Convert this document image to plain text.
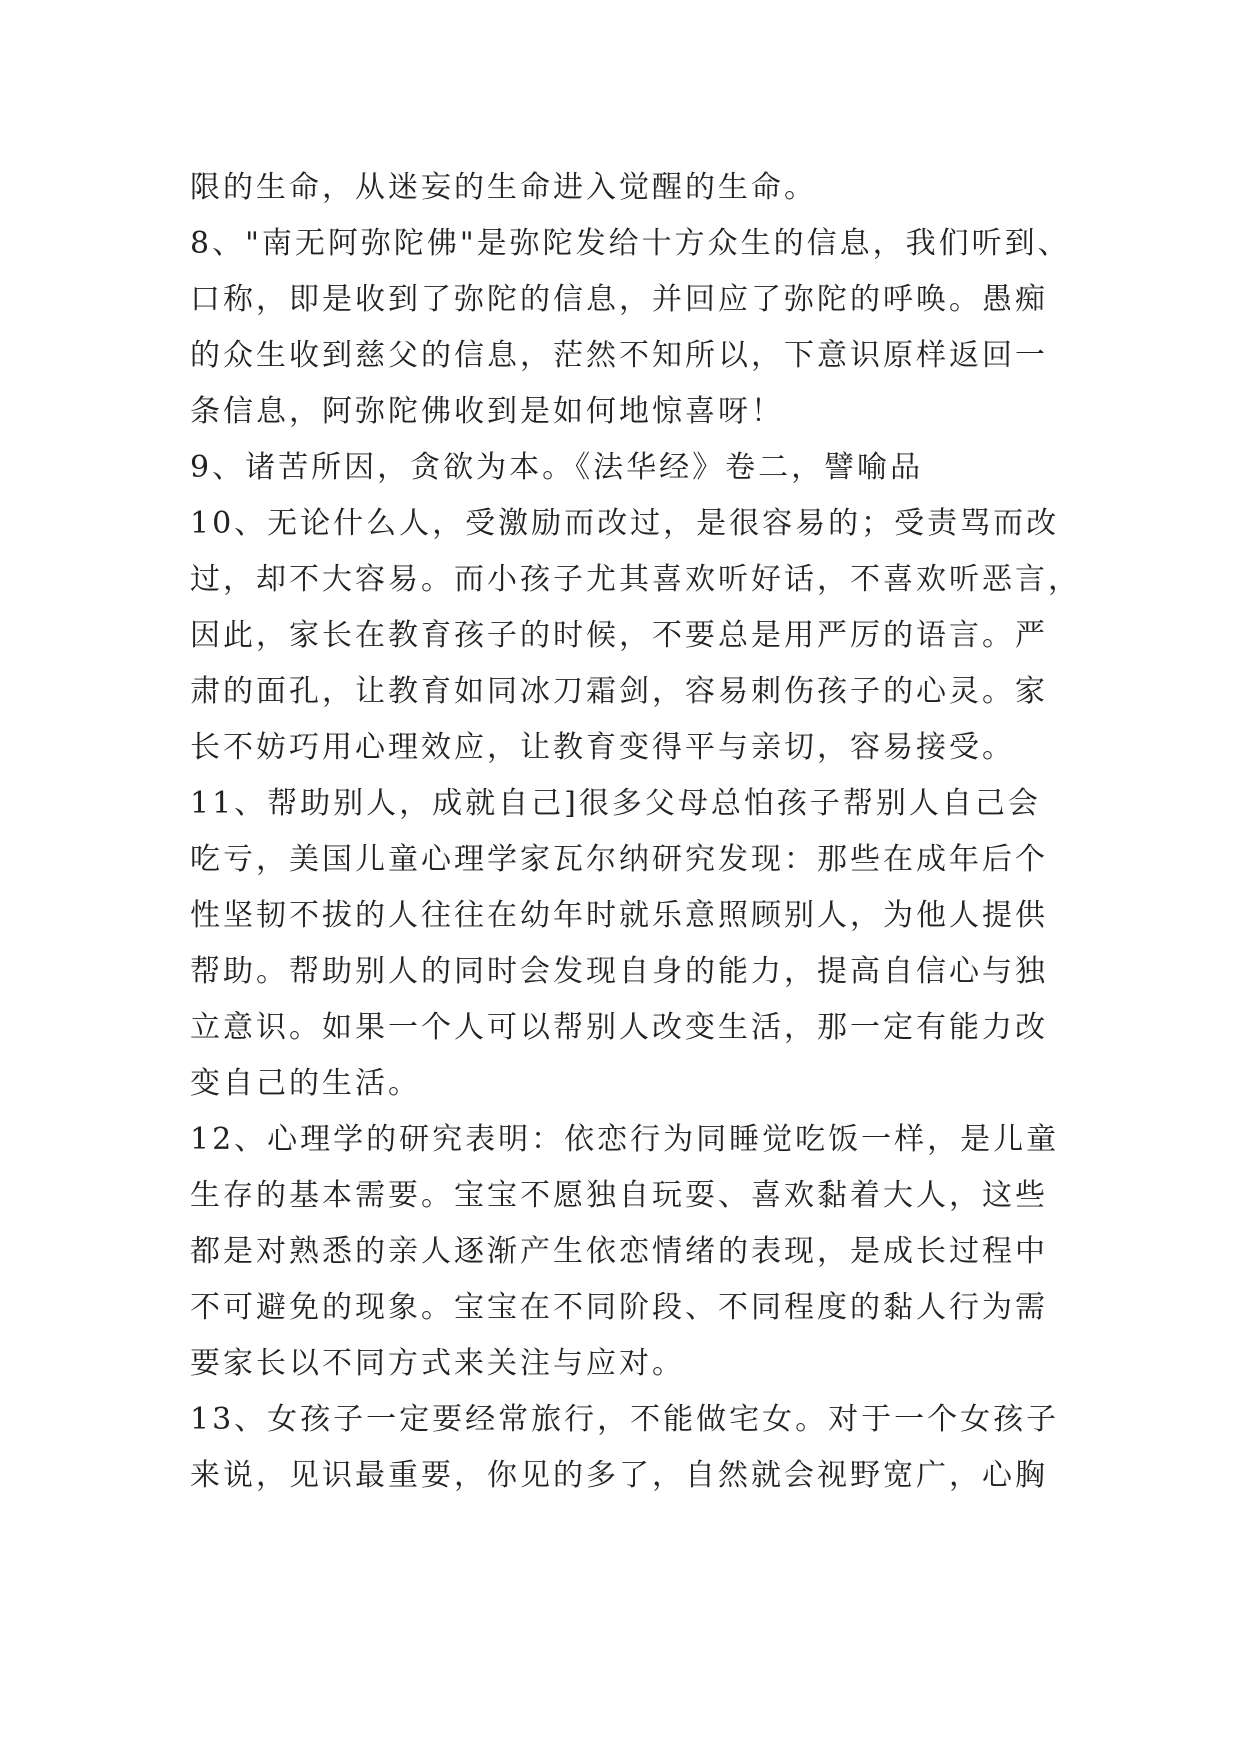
限的生命，从迷妄的生命进入觉醒的生命。
8、"南无阿弥陀佛"是弥陀发给十方众生的信息，我们听到、
口称，即是收到了弥陀的信息，并回应了弥陀的呼唤。愚痴
的众生收到慈父的信息，茫然不知所以，下意识原样返回一
条信息，阿弥陀佛收到是如何地惊喜呀！
9、诸苦所因，贪欲为本。《法华经》卷二，譬喻品
10、无论什么人，受激励而改过，是很容易的；受责骂而改
过，却不大容易。而小孩子尤其喜欢听好话，不喜欢听恶言，
因此，家长在教育孩子的时候，不要总是用严厉的语言。严
肃的面孔，让教育如同冰刀霜剑，容易刺伤孩子的心灵。家
长不妨巧用心理效应，让教育变得平与亲切，容易接受。
11、帮助别人，成就自己]很多父母总怕孩子帮别人自己会
吃亏，美国儿童心理学家瓦尔纳研究发现：那些在成年后个
性坚韧不拔的人往往在幼年时就乐意照顾别人，为他人提供
帮助。帮助别人的同时会发现自身的能力，提高自信心与独
立意识。如果一个人可以帮别人改变生活，那一定有能力改
变自己的生活。
12、心理学的研究表明：依恋行为同睡觉吃饭一样，是儿童
生存的基本需要。宝宝不愿独自玩耍、喜欢黏着大人，这些
都是对熟悉的亲人逐渐产生依恋情绪的表现，是成长过程中
不可避免的现象。宝宝在不同阶段、不同程度的黏人行为需
要家长以不同方式来关注与应对。
13、女孩子一定要经常旅行，不能做宅女。对于一个女孩子
来说，见识最重要，你见的多了，自然就会视野宽广，心胸
